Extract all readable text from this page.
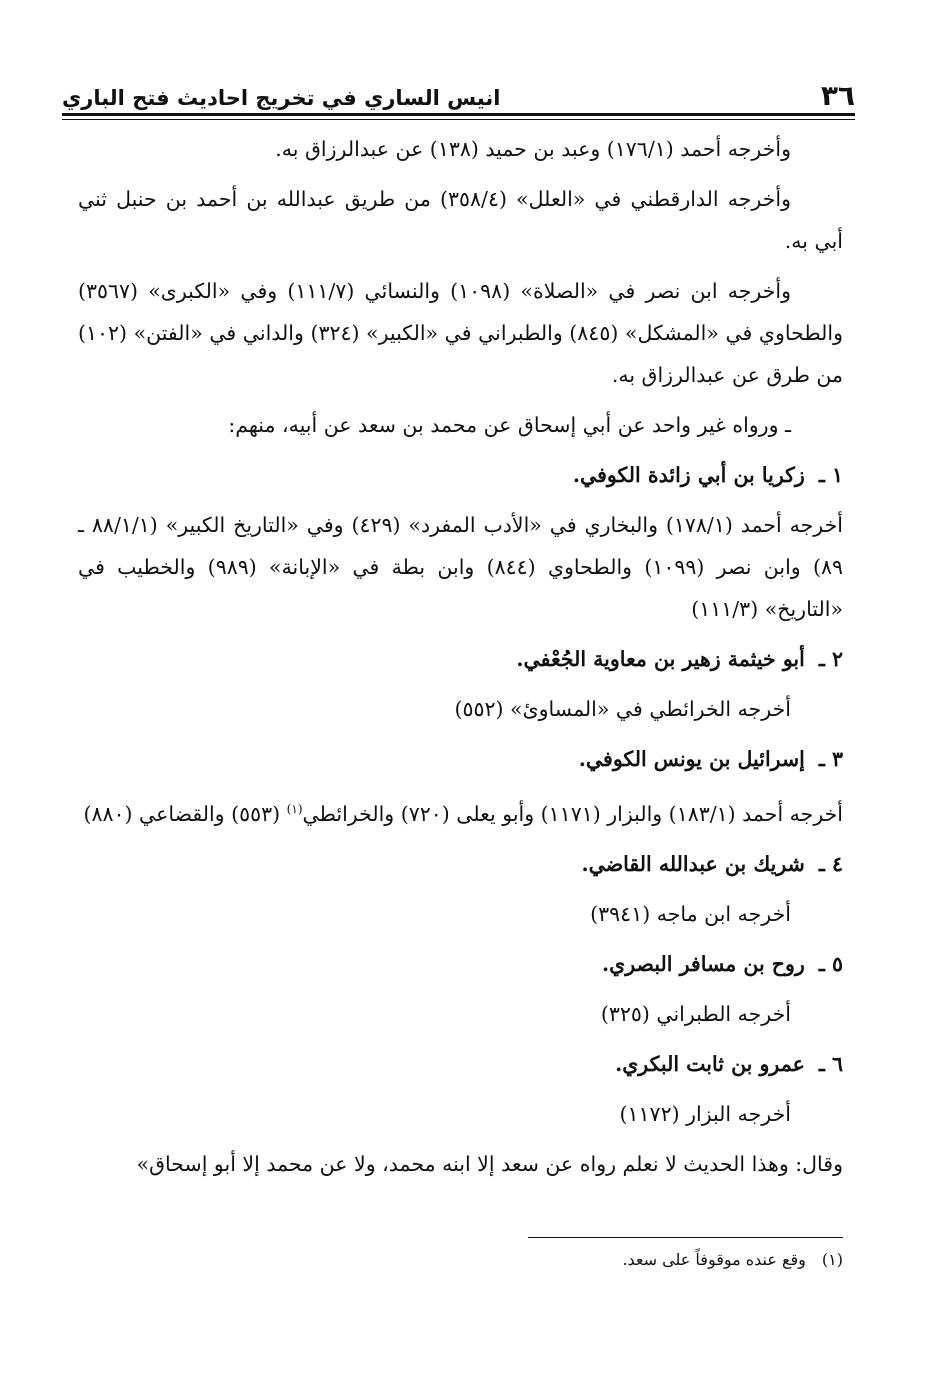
٣٦
انيس الساري في تخريج احاديث فتح الباري

وأخرجه أحمد (١٧٦/١) وعبد بن حميد (١٣٨) عن عبدالرزاق به.

وأخرجه الدارقطني في «العلل» (٣٥٨/٤) من طريق عبدالله بن أحمد بن حنبل ثني أبي به.

وأخرجه ابن نصر في «الصلاة» (١٠٩٨) والنسائي (١١١/٧) وفي «الكبرى» (٣٥٦٧) والطحاوي في «المشكل» (٨٤٥) والطبراني في «الكبير» (٣٢٤) والداني في «الفتن» (١٠٢) من طرق عن عبدالرزاق به.

ـ ورواه غير واحد عن أبي إسحاق عن محمد بن سعد عن أبيه، منهم:

١ ـ
زكريا بن أبي زائدة الكوفي.

أخرجه أحمد (١٧٨/١) والبخاري في «الأدب المفرد» (٤٢٩) وفي «التاريخ الكبير» (٨٨/١/١ ـ ٨٩) وابن نصر (١٠٩٩) والطحاوي (٨٤٤) وابن بطة في «الإبانة» (٩٨٩) والخطيب في «التاريخ» (١١١/٣)

٢ ـ
أبو خيثمة زهير بن معاوية الجُعْفي.

أخرجه الخرائطي في «المساوئ» (٥٥٢)

٣ ـ
إسرائيل بن يونس الكوفي.

أخرجه أحمد (١٨٣/١) والبزار (١١٧١) وأبو يعلى (٧٢٠) والخرائطي$^{(١)}$ (٥٥٣) والقضاعي (٨٨٠)

٤ ـ
شريك بن عبدالله القاضي.

أخرجه ابن ماجه (٣٩٤١)

٥ ـ
روح بن مسافر البصري.

أخرجه الطبراني (٣٢٥)

٦ ـ
عمرو بن ثابت البكري.

أخرجه البزار (١١٧٢)

وقال: وهذا الحديث لا نعلم رواه عن سعد إلا ابنه محمد، ولا عن محمد إلا أبو إسحاق»

(١)
وقع عنده موقوفاً على سعد.
